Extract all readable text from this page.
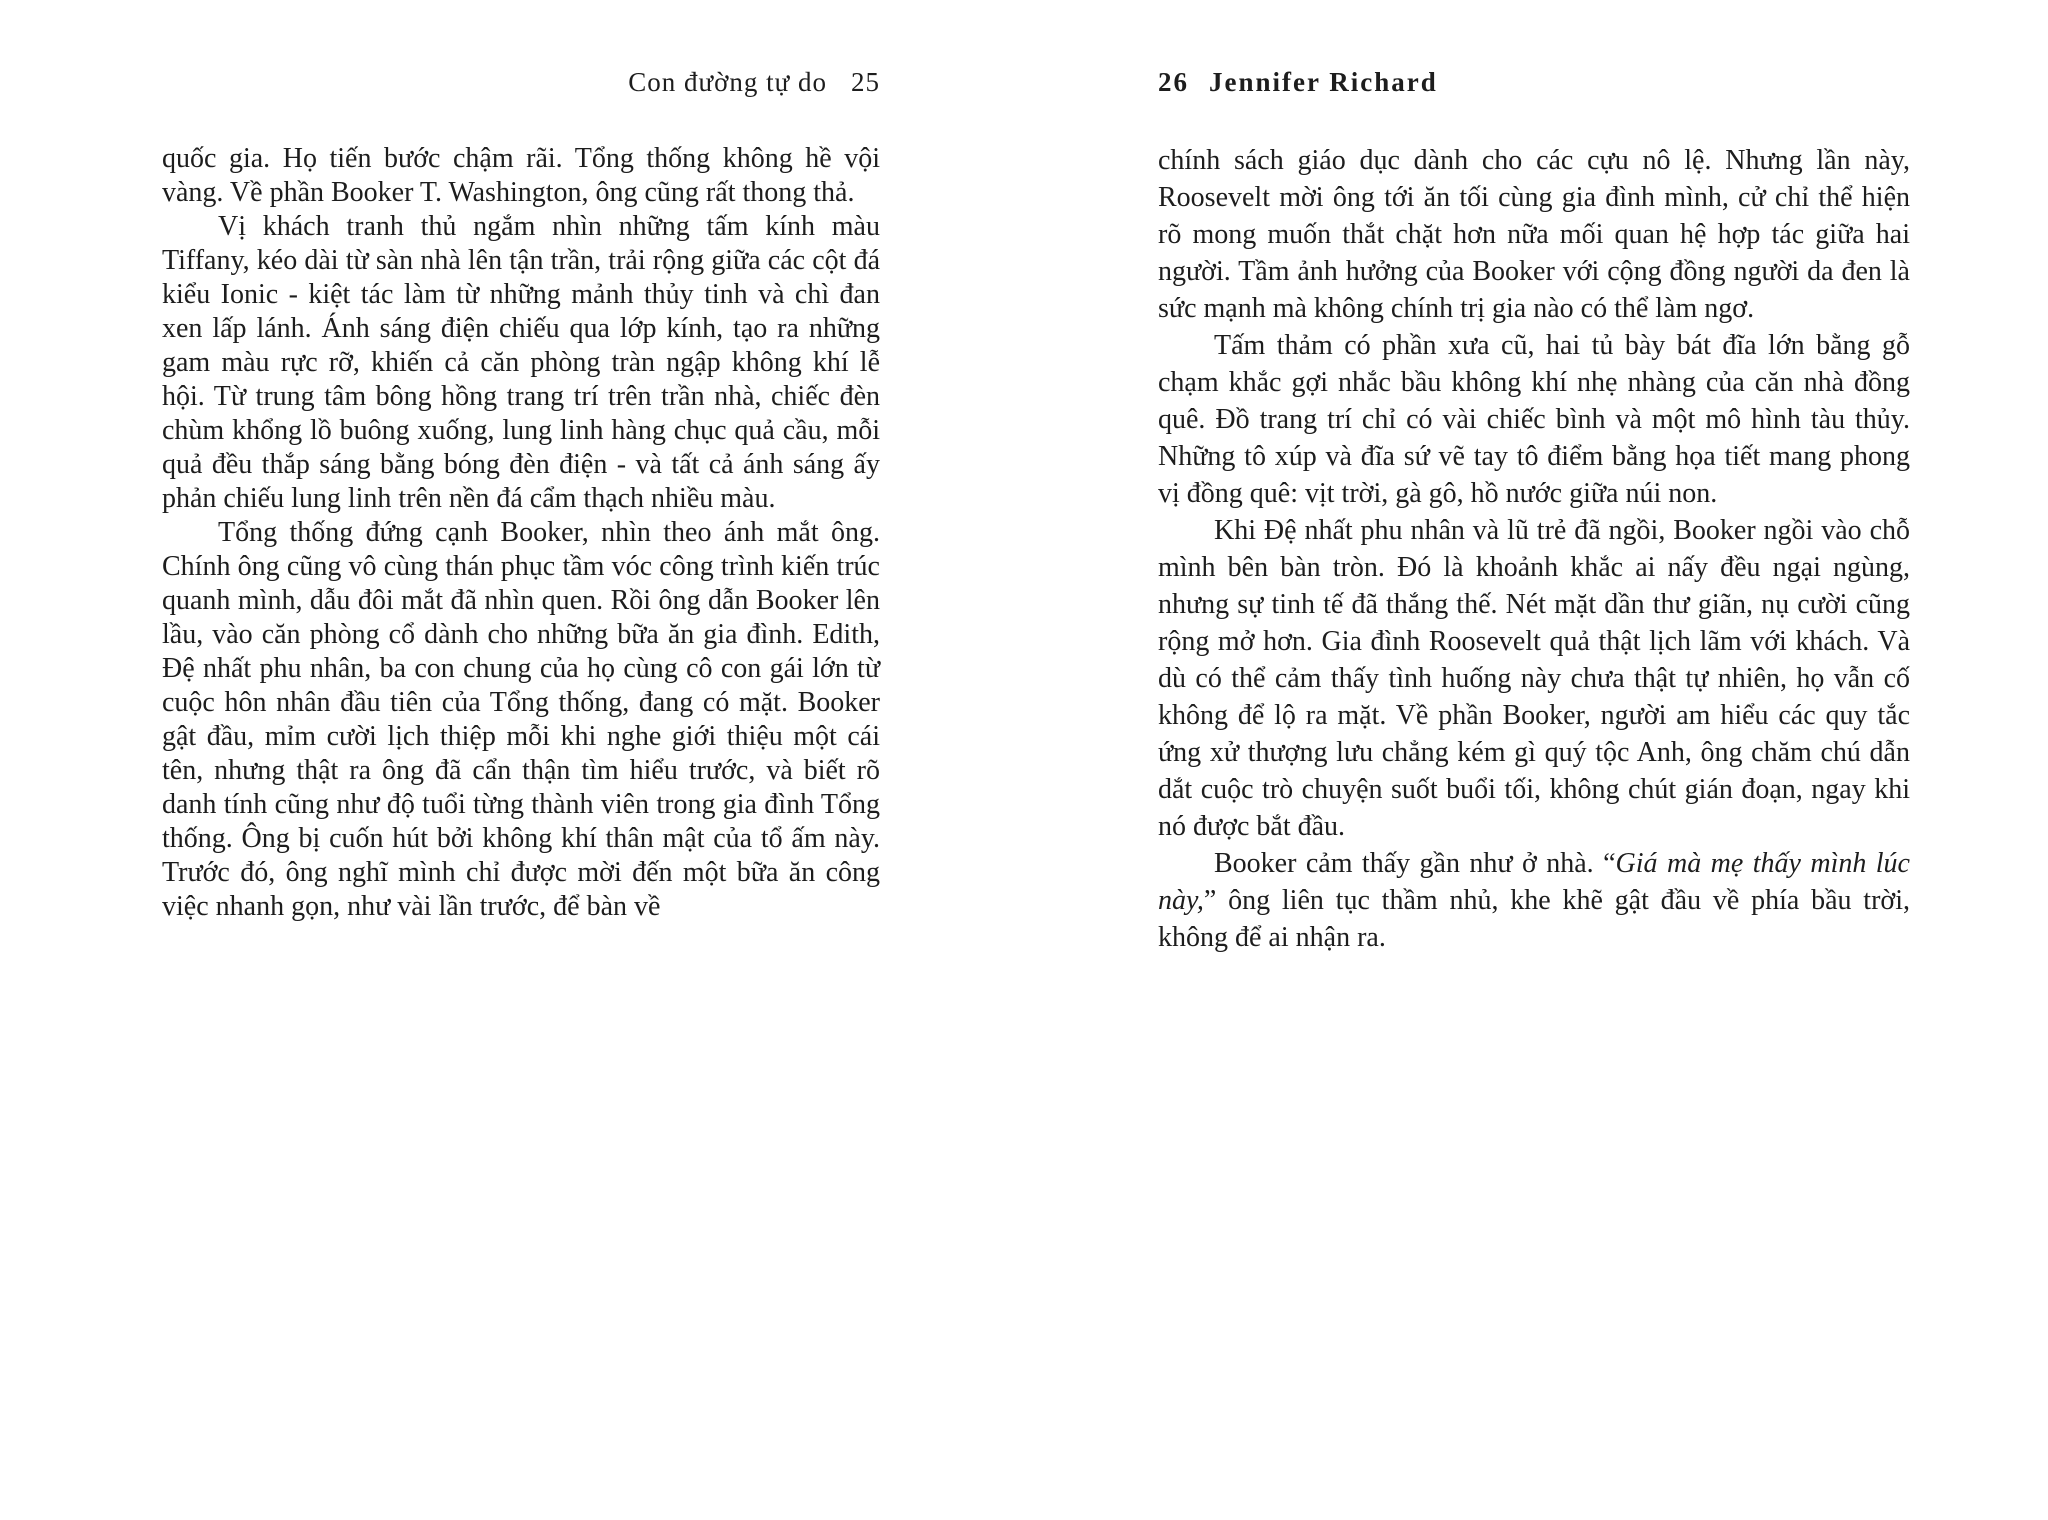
Con đường tự do 25

quốc gia. Họ tiến bước chậm rãi. Tổng thống không hề vội vàng. Về phần Booker T. Washington, ông cũng rất thong thả.

Vị khách tranh thủ ngắm nhìn những tấm kính màu Tiffany, kéo dài từ sàn nhà lên tận trần, trải rộng giữa các cột đá kiểu Ionic - kiệt tác làm từ những mảnh thủy tinh và chì đan xen lấp lánh. Ánh sáng điện chiếu qua lớp kính, tạo ra những gam màu rực rỡ, khiến cả căn phòng tràn ngập không khí lễ hội. Từ trung tâm bông hồng trang trí trên trần nhà, chiếc đèn chùm khổng lồ buông xuống, lung linh hàng chục quả cầu, mỗi quả đều thắp sáng bằng bóng đèn điện - và tất cả ánh sáng ấy phản chiếu lung linh trên nền đá cẩm thạch nhiều màu.

Tổng thống đứng cạnh Booker, nhìn theo ánh mắt ông. Chính ông cũng vô cùng thán phục tầm vóc công trình kiến trúc quanh mình, dẫu đôi mắt đã nhìn quen. Rồi ông dẫn Booker lên lầu, vào căn phòng cổ dành cho những bữa ăn gia đình. Edith, Đệ nhất phu nhân, ba con chung của họ cùng cô con gái lớn từ cuộc hôn nhân đầu tiên của Tổng thống, đang có mặt. Booker gật đầu, mỉm cười lịch thiệp mỗi khi nghe giới thiệu một cái tên, nhưng thật ra ông đã cẩn thận tìm hiểu trước, và biết rõ danh tính cũng như độ tuổi từng thành viên trong gia đình Tổng thống. Ông bị cuốn hút bởi không khí thân mật của tổ ấm này. Trước đó, ông nghĩ mình chỉ được mời đến một bữa ăn công việc nhanh gọn, như vài lần trước, để bàn về

26 Jennifer Richard

chính sách giáo dục dành cho các cựu nô lệ. Nhưng lần này, Roosevelt mời ông tới ăn tối cùng gia đình mình, cử chỉ thể hiện rõ mong muốn thắt chặt hơn nữa mối quan hệ hợp tác giữa hai người. Tầm ảnh hưởng của Booker với cộng đồng người da đen là sức mạnh mà không chính trị gia nào có thể làm ngơ.

Tấm thảm có phần xưa cũ, hai tủ bày bát đĩa lớn bằng gỗ chạm khắc gợi nhắc bầu không khí nhẹ nhàng của căn nhà đồng quê. Đồ trang trí chỉ có vài chiếc bình và một mô hình tàu thủy. Những tô xúp và đĩa sứ vẽ tay tô điểm bằng họa tiết mang phong vị đồng quê: vịt trời, gà gô, hồ nước giữa núi non.

Khi Đệ nhất phu nhân và lũ trẻ đã ngồi, Booker ngồi vào chỗ mình bên bàn tròn. Đó là khoảnh khắc ai nấy đều ngại ngùng, nhưng sự tinh tế đã thắng thế. Nét mặt dần thư giãn, nụ cười cũng rộng mở hơn. Gia đình Roosevelt quả thật lịch lãm với khách. Và dù có thể cảm thấy tình huống này chưa thật tự nhiên, họ vẫn cố không để lộ ra mặt. Về phần Booker, người am hiểu các quy tắc ứng xử thượng lưu chẳng kém gì quý tộc Anh, ông chăm chú dẫn dắt cuộc trò chuyện suốt buổi tối, không chút gián đoạn, ngay khi nó được bắt đầu.

Booker cảm thấy gần như ở nhà. “Giá mà mẹ thấy mình lúc này,” ông liên tục thầm nhủ, khe khẽ gật đầu về phía bầu trời, không để ai nhận ra.
